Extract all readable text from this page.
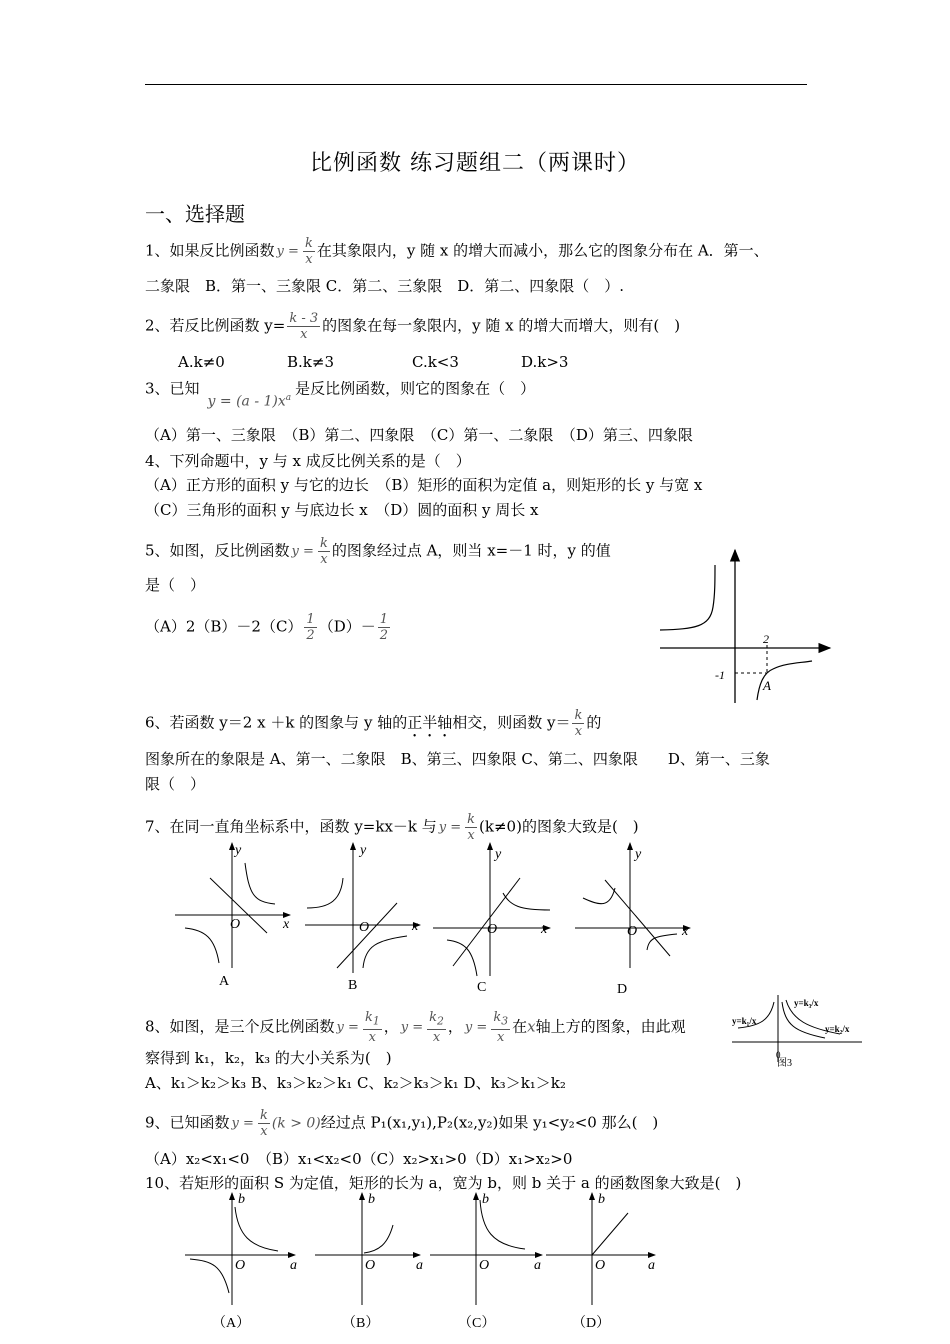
比例函数 练习题组二（两课时）
一、选择题
1、如果反比例函数 $y = \frac{k}{x}$ 在其象限内，y 随 x 的增大而减小，那么它的图象分布在 A．第一、
二象限　B．第一、三象限 C．第二、三象限　D．第二、四象限（　）.
2、若反比例函数 $y= \frac{k - 3}{x}$ 的图象在每一象限内，y 随 x 的增大而增大，则有(　)
A.k≠0	B.k≠3	C.k<3	D.k>3
3、已知$y = (a - 1)x^a$是反比例函数，则它的图象在（　）
（A）第一、三象限　（B）第二、四象限　（C）第一、二象限　（D）第三、四象限
4、下列命题中，y 与 x 成反比例关系的是（　）
（A）正方形的面积 y 与它的边长　（B）矩形的面积为定值 a，则矩形的长 y 与宽 x
（C）三角形的面积 y 与底边长 x　（D）圆的面积 y 周长 x
5、如图，反比例函数 $y = \frac{k}{x}$ 的图象经过点 A，则当 x=－1 时，y 的值
是（　）
$(A)2(B)-2(C) \frac{1}{2} (D)- \frac{1}{2}$	2
-1
A
6、若函数 y＝2 x ＋k 的图象与 y 轴的正半轴相交，则函数 $y= \frac{k}{x}$ 的
图象所在的象限是 A、第一、二象限　B、第三、四象限 C、第二、四象限　　D、第一、三象
限（　）
7、在同一直角坐标系中，函数 y=kx－k 与 $y = \frac{k}{x} (k\ne 0)$的图象大致是(　)
y
x
O
y
x
O
y
x
O
y
x
O
A	B	C	D
8、如图，是三个反比例函数 $y = \frac{k_1}{x}$ ， $y = \frac{k_2}{x}$ ， $y = \frac{k_3}{x}$ 在x轴上方的图象，由此观
察得到 k₁，k₂，k₃ 的大小关系为(　)
A、k₁＞k₂＞k₃ B、k₃＞k₂＞k₁ C、k₂＞k₃＞k₁ D、k₃＞k₁＞k₂
y=k₁/x
y=k₃/x
y=k₂/x
0
图3
9、已知函数 $y = \frac{k}{x} (k > 0)$经过点 P₁(x₁,y₁),P₂(x₂,y₂)如果 y₁<y₂<0 那么(　)
（A）x₂<x₁<0　（B）x₁<x₂<0（C）x₂>x₁>0（D）x₁>x₂>0
10、若矩形的面积 S 为定值，矩形的长为 a，宽为 b，则 b 关于 a 的函数图象大致是(　)
b
a
O
b
a
O
b
a
O
b
a
O
（A）	（B）	（C）	（D）
